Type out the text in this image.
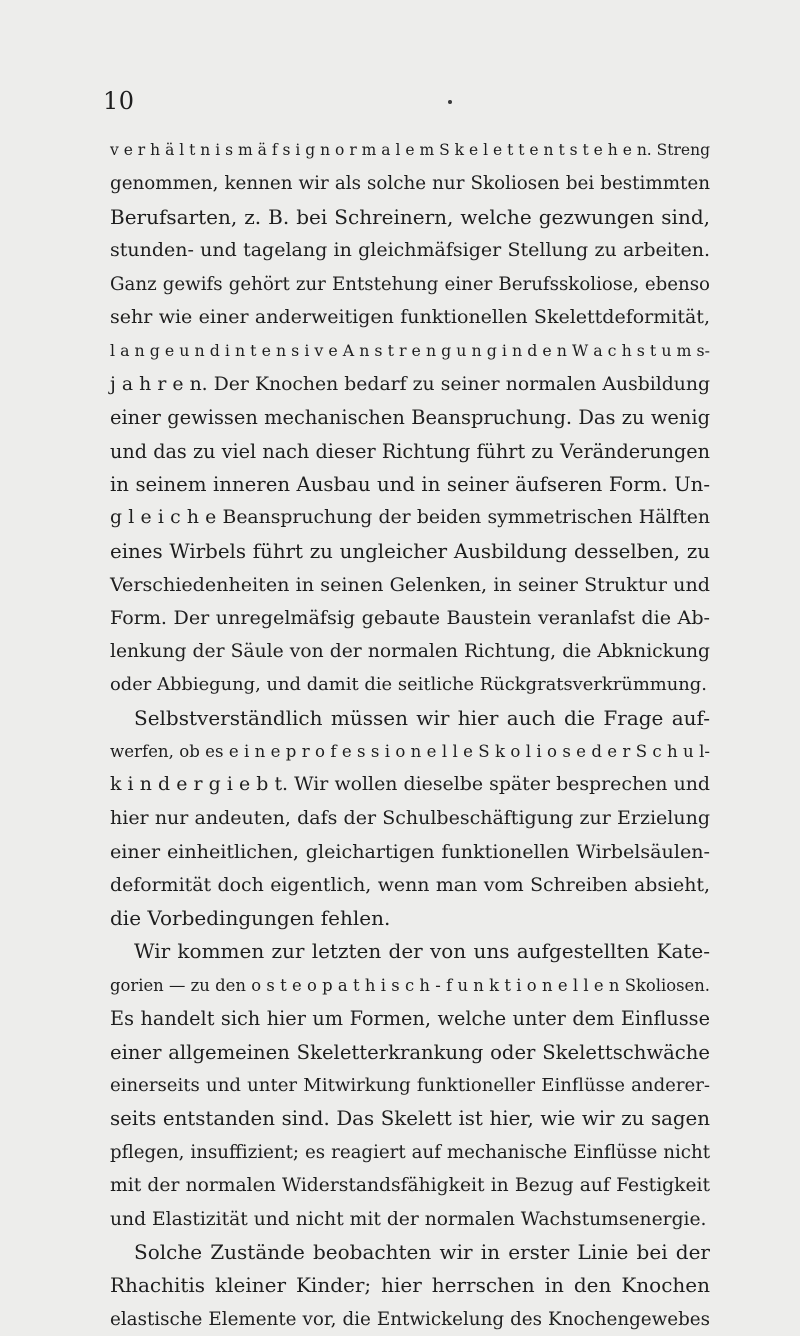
10
v e r h ä l t n i s m ä f s i g n o r m a l e m S k e l e t t e n t s t e h e n. Streng
genommen, kennen wir als solche nur Skoliosen bei bestimmten
Berufsarten, z. B. bei Schreinern, welche gezwungen sind,
stunden- und tagelang in gleichmäfsiger Stellung zu arbeiten.
Ganz gewifs gehört zur Entstehung einer Berufsskoliose, ebenso
sehr wie einer anderweitigen funktionellen Skelettdeformität,
l a n g e u n d i n t e n s i v e A n s t r e n g u n g i n d e n W a c h s t u m s-
j a h r e n. Der Knochen bedarf zu seiner normalen Ausbildung
einer gewissen mechanischen Beanspruchung. Das zu wenig
und das zu viel nach dieser Richtung führt zu Veränderungen
in seinem inneren Ausbau und in seiner äufseren Form. Un-
g l e i c h e Beanspruchung der beiden symmetrischen Hälften
eines Wirbels führt zu ungleicher Ausbildung desselben, zu
Verschiedenheiten in seinen Gelenken, in seiner Struktur und
Form. Der unregelmäfsig gebaute Baustein veranlafst die Ab-
lenkung der Säule von der normalen Richtung, die Abknickung
oder Abbiegung, und damit die seitliche Rückgratsverkrümmung.
Selbstverständlich müssen wir hier auch die Frage auf-
werfen, ob es e i n e p r o f e s s i o n e l l e S k o l i o s e d e r S c h u l-
k i n d e r g i e b t. Wir wollen dieselbe später besprechen und
hier nur andeuten, dafs der Schulbeschäftigung zur Erzielung
einer einheitlichen, gleichartigen funktionellen Wirbelsäulen-
deformität doch eigentlich, wenn man vom Schreiben absieht,
die Vorbedingungen fehlen.
Wir kommen zur letzten der von uns aufgestellten Kate-
gorien — zu den o s t e o p a t h i s c h - f u n k t i o n e l l e n Skoliosen.
Es handelt sich hier um Formen, welche unter dem Einflusse
einer allgemeinen Skeletterkrankung oder Skelettschwäche
einerseits und unter Mitwirkung funktioneller Einflüsse anderer-
seits entstanden sind. Das Skelett ist hier, wie wir zu sagen
pflegen, insuffizient; es reagiert auf mechanische Einflüsse nicht
mit der normalen Widerstandsfähigkeit in Bezug auf Festigkeit
und Elastizität und nicht mit der normalen Wachstumsenergie.
Solche Zustände beobachten wir in erster Linie bei der
Rhachitis kleiner Kinder; hier herrschen in den Knochen
elastische Elemente vor, die Entwickelung des Knochengewebes
